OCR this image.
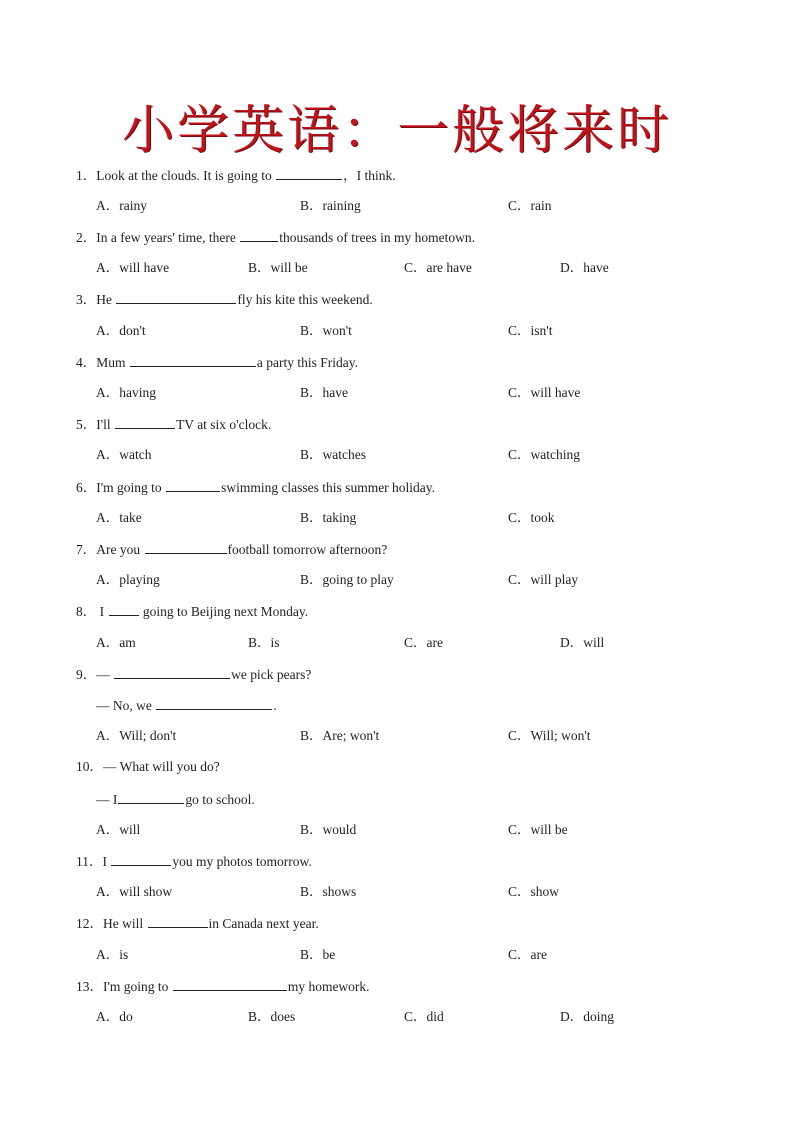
小学英语：一般将来时
1．Look at the clouds. It is going to	，I think.
A．rainy	B．raining	C．rain
2．In a few years' time, there	thousands of trees in my hometown.
A．will have	B．will be	C．are have	D．have
3．He	fly his kite this weekend.
A．don't	B．won't	C．isn't
4．Mum	a party this Friday.
A．having	B．have	C．will have
5．I'll	TV at six o'clock.
A．watch	B．watches	C．watching
6．I'm going to	swimming classes this summer holiday.
A．take	B．taking	C．took
7．Are you	football tomorrow afternoon?
A．playing	B．going to play	C．will play
8． I  going to Beijing next Monday.
A．am	B．is	C．are	D．will
9．—	we pick pears?
— No, we	.
A．Will; don't	B．Are; won't	C．Will; won't
10．— What will you do?
— I	go to school.
A．will	B．would	C．will be
11．I	you my photos tomorrow.
A．will show	B．shows	C．show
12．He will	in Canada next year.
A．is	B．be	C．are
13．I'm going to	my homework.
A．do	B．does	C．did	D．doing
